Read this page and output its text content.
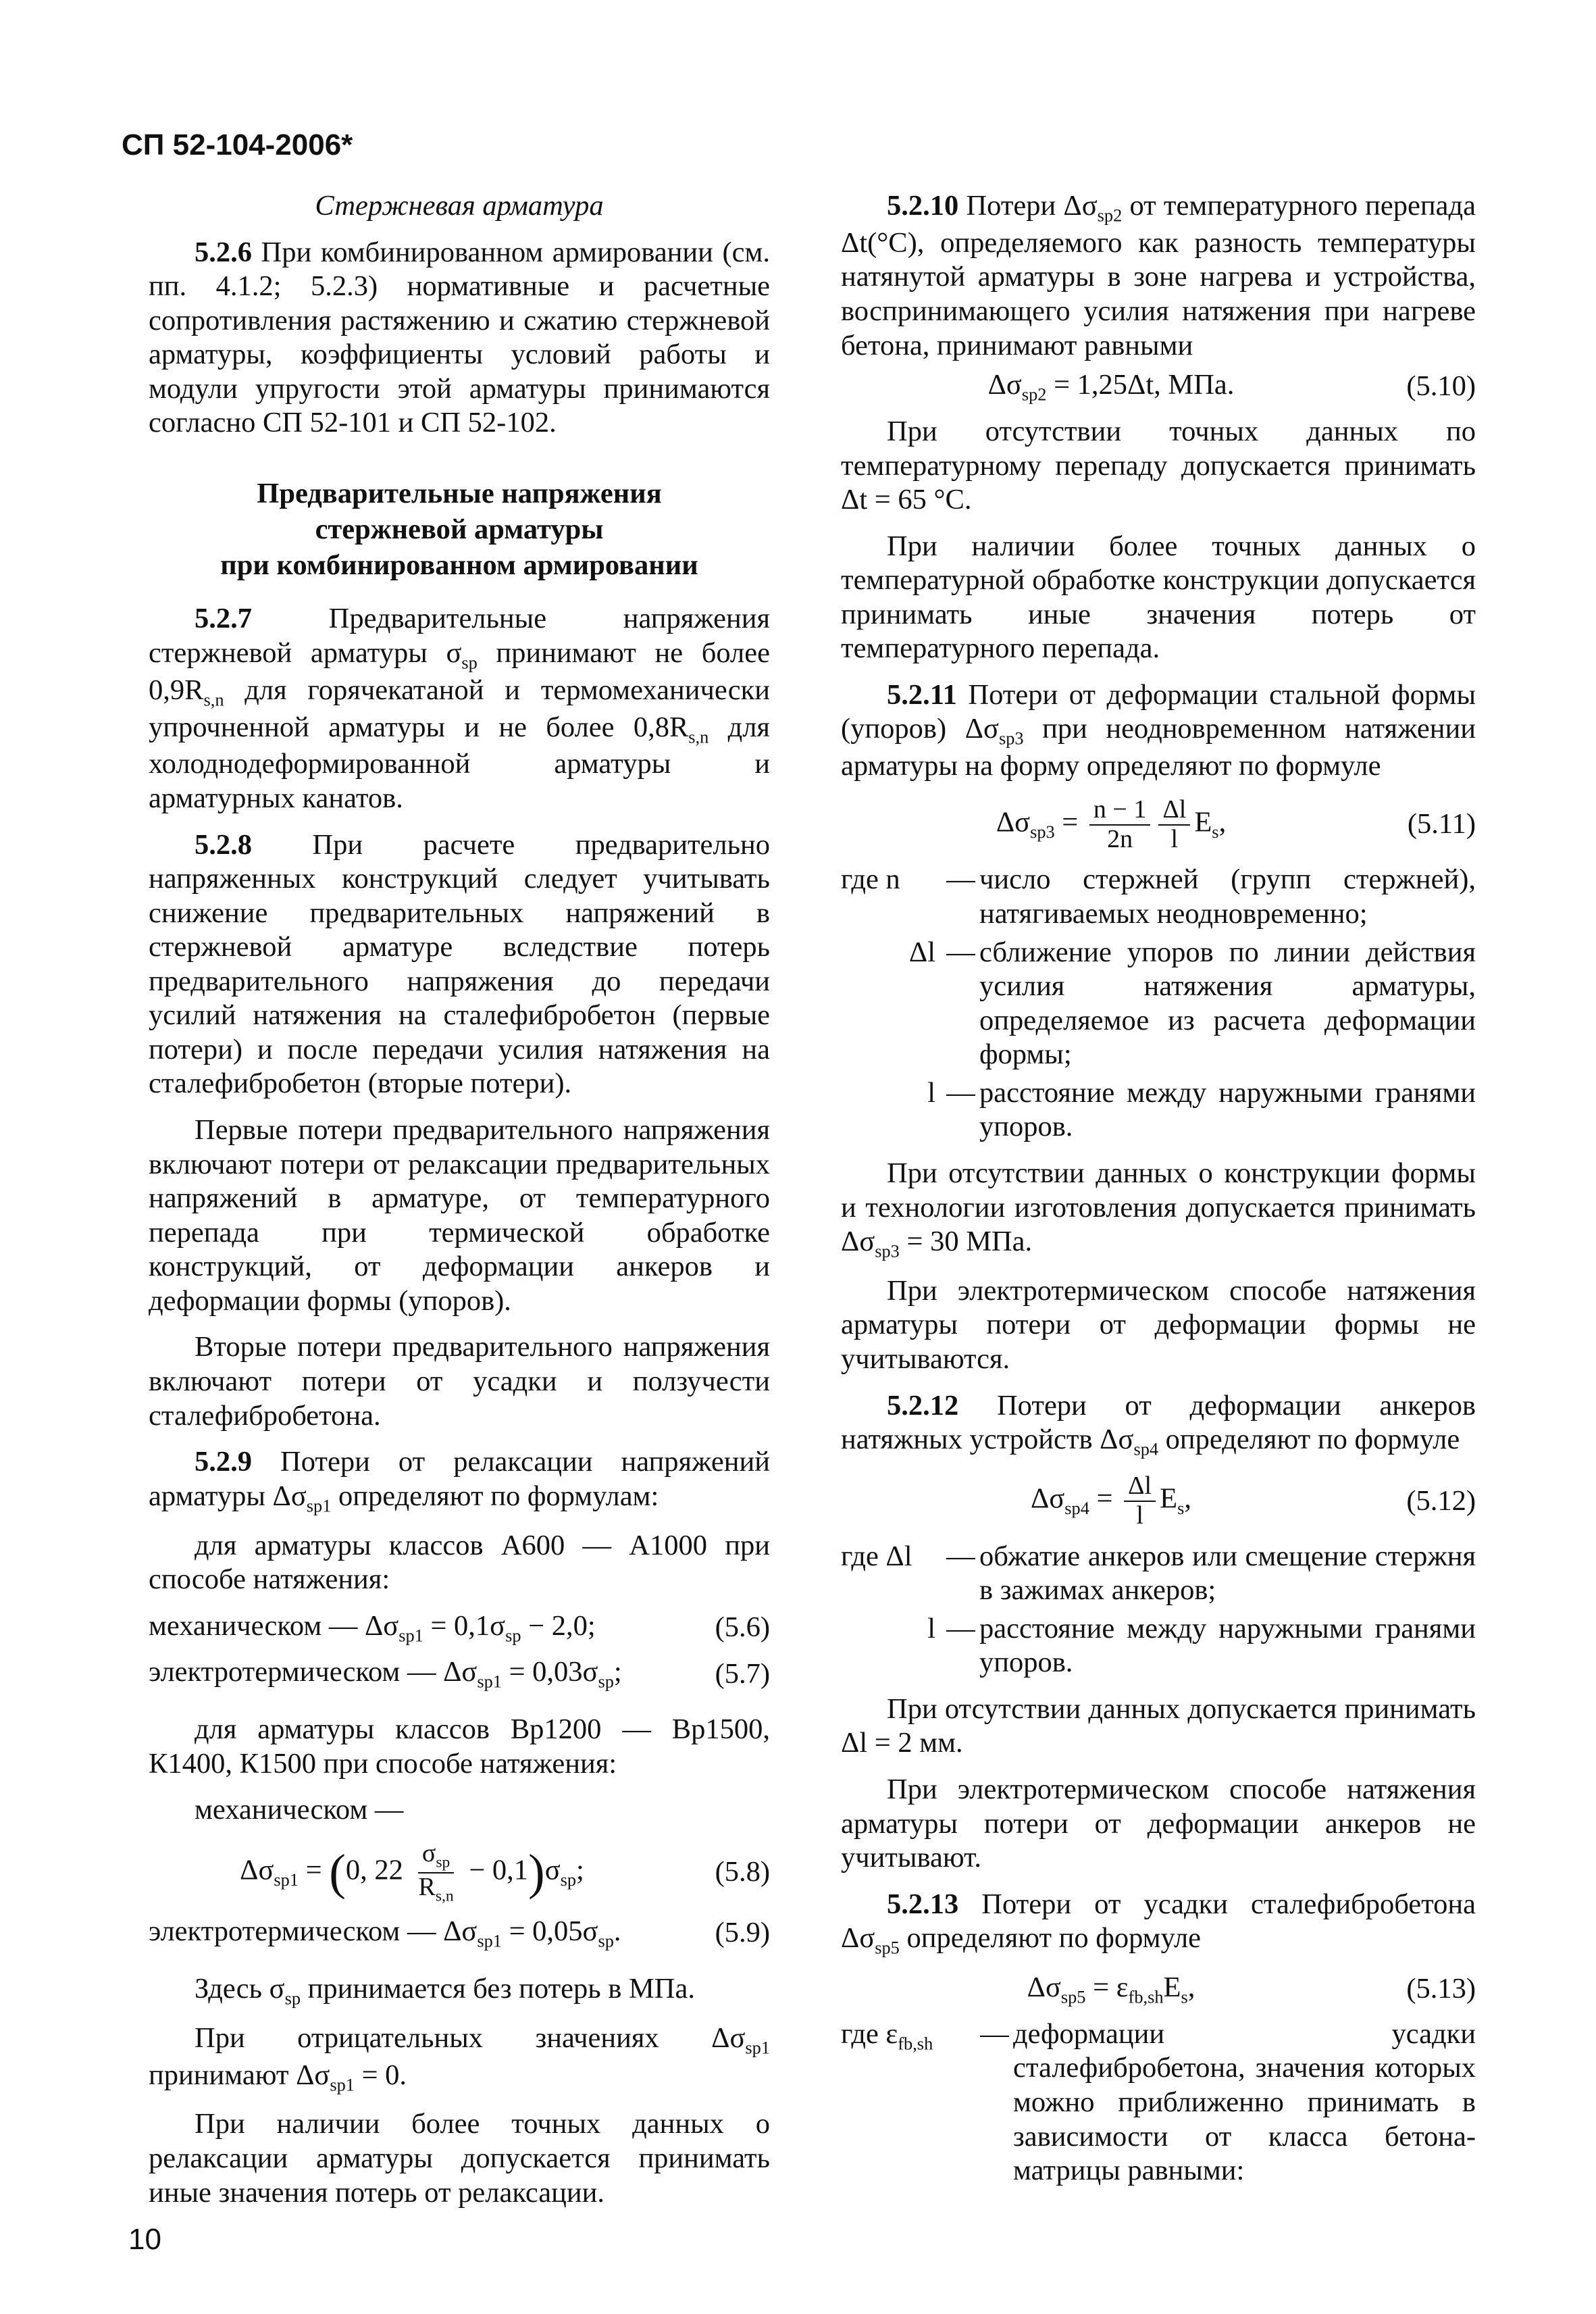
СП 52-104-2006*

Стержневая арматура

5.2.6 При комбинированном армировании (см. пп. 4.1.2; 5.2.3) нормативные и расчетные сопротивления растяжению и сжатию стержневой арматуры, коэффициенты условий работы и модули упругости этой арматуры принимаются согласно СП 52-101 и СП 52-102.

Предварительные напряжения
стержневой арматуры
при комбинированном армировании

5.2.7	Предварительные напряжения стержневой арматуры $\sigma_{sp}$ принимают не более $0,9R_{s,n}$ для горячекатаной и термомеханически упрочненной арматуры и не более $0,8R_{s,n}$ для холоднодеформированной арматуры и арматурных канатов.

5.2.8 При расчете предварительно напряженных конструкций следует учитывать снижение предварительных напряжений в стержневой арматуре вследствие потерь предварительного напряжения до передачи усилий натяжения на сталефибробетон (первые потери) и после передачи усилия натяжения на сталефибробетон (вторые потери).

Первые потери предварительного напряжения включают потери от релаксации предварительных напряжений в арматуре, от температурного перепада при термической обработке конструкций, от деформации анкеров и деформации формы (упоров).

Вторые потери предварительного напряжения включают потери от усадки и ползучести сталефибробетона.

5.2.9 Потери от релаксации напряжений арматуры $\Delta\sigma_{sp1}$ определяют по формулам:

для арматуры классов А600 — А1000 при способе натяжения:

механическом — $\Delta\sigma_{sp1} = 0,1\sigma_{sp} - 2,0$;	(5.6)
электротермическом — $\Delta\sigma_{sp1} = 0,03\sigma_{sp}$;	(5.7)

для арматуры классов Вр1200 — Вр1500, К1400, К1500 при способе натяжения:

механическом —

$\Delta\sigma_{sp1} = (0$, $22 \frac{\sigma_{sp}}{R_{s,n}} - 0,1)\sigma_{sp}$;	(5.8)
электротермическом — $\Delta\sigma_{sp1} = 0,05\sigma_{sp}$.	(5.9)

Здесь $\sigma_{sp}$ принимается без потерь в МПа.

При отрицательных значениях $\Delta\sigma_{sp1}$ принимают $\Delta\sigma_{sp1} = 0$.

При наличии более точных данных о релаксации арматуры допускается принимать иные значения потерь от релаксации.

5.2.10 Потери $\Delta\sigma_{sp2}$ от температурного перепада Δt(°C), определяемого как разность температуры натянутой арматуры в зоне нагрева и устройства, воспринимающего усилия натяжения при нагреве бетона, принимают равными

$\Delta\sigma_{sp2} = 1,25\Delta t$, МПа.	(5.10)

При отсутствии точных данных по температурному перепаду допускается принимать Δt = 65 °C.

При наличии более точных данных о температурной обработке конструкции допускается принимать иные значения потерь от температурного перепада.

5.2.11 Потери от деформации стальной формы (упоров) $\Delta\sigma_{sp3}$ при неодновременном натяжении арматуры на форму определяют по формуле

$\Delta\sigma_{sp3} = \frac{n - 1}{2n} \frac{\Delta l}{l} E_s$,	(5.11)
где n	— число стержней (групп стержней), натягиваемых неодновременно;
Δl — сближение упоров по линии действия усилия натяжения арматуры, определяемое из расчета деформации формы;
l — расстояние между наружными гранями упоров.

При отсутствии данных о конструкции формы и технологии изготовления допускается принимать $\Delta\sigma_{sp3} = 30$ МПа.

При электротермическом способе натяжения арматуры потери от деформации формы не учитываются.

5.2.12 Потери от деформации анкеров натяжных устройств $\Delta\sigma_{sp4}$ определяют по формуле

$\Delta\sigma_{sp4} = \frac{\Delta l}{l} E_s$,	(5.12)
где Δl	— обжатие анкеров или смещение стержня в зажимах анкеров;
l — расстояние между наружными гранями упоров.

При отсутствии данных допускается принимать Δl = 2 мм.

При электротермическом способе натяжения арматуры потери от деформации анкеров не учитывают.

5.2.13 Потери от усадки сталефибробетона $\Delta\sigma_{sp5}$ определяют по формуле

$\Delta\sigma_{sp5} = \varepsilon_{fb,sh}E_s$,	(5.13)
где $\varepsilon_{fb,sh}$	— деформации усадки сталефибробетона, значения которых можно приближенно принимать в зависимости от класса бетона-матрицы равными:
10
